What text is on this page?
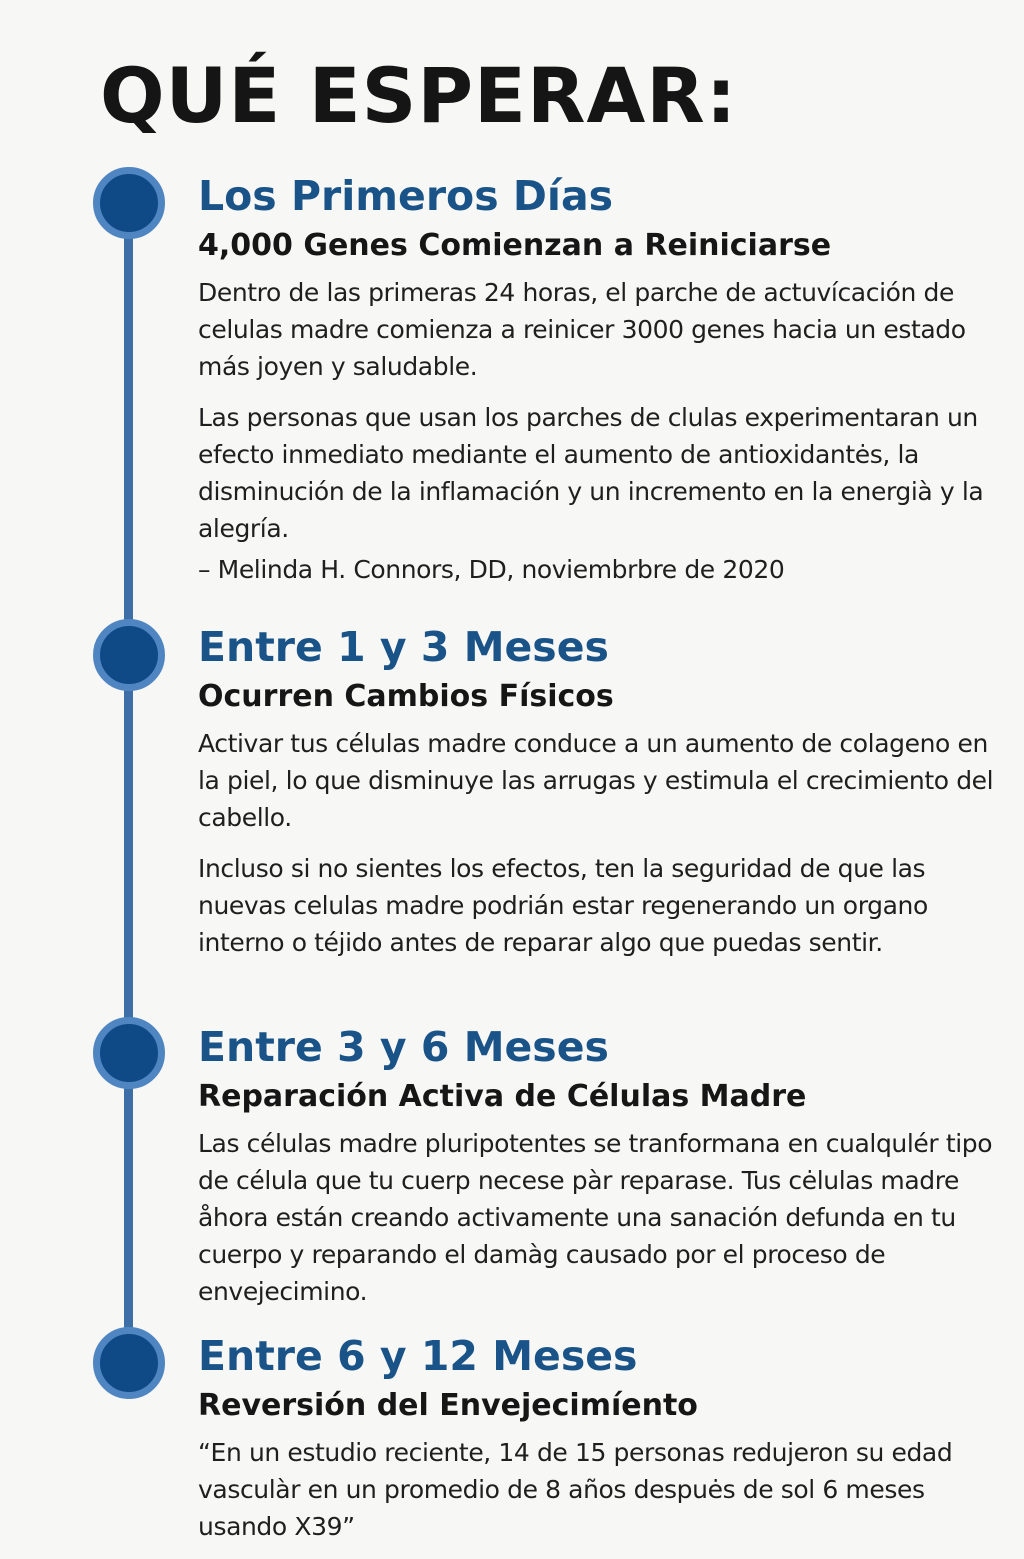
QUÉ ESPERAR:
Los Primeros Días
4,000 Genes Comienzan a Reiniciarse

Dentro de las primeras 24 horas, el parche de actuvícación de celulas madre comienza a reinicer 3000 genes hacia un estado más joyen y saludable.

Las personas que usan los parches de clulas experimentaran un efecto inmediato mediante el aumento de antioxidantės, la disminución de la inflamación y un incremento en la energià y la alegría.

– Melinda H. Connors, DD, noviembrbre de 2020

Entre 1 y 3 Meses
Ocurren Cambios Físicos

Activar tus células madre conduce a un aumento de colageno en la piel, lo que disminuye las arrugas y estimula el crecimiento del cabello.

Incluso si no sientes los efectos, ten la seguridad de que las nuevas celulas madre podrián estar regenerando un organo interno o téjido antes de reparar algo que puedas sentir.

Entre 3 y 6 Meses
Reparación Activa de Células Madre

Las células madre pluripotentes se tranformana en cualqulér tipo de célula que tu cuerp necese pàr reparase. Tus cėlulas madre åhora están creando activamente una sanación defunda en tu cuerpo y reparando el damàg causado por el proceso de envejecimino.

Entre 6 y 12 Meses
Reversión del Envejecimíento

“En un estudio reciente, 14 de 15 personas redujeron su edad vasculàr en un promedio de 8 años despuės de sol 6 meses usando X39”
